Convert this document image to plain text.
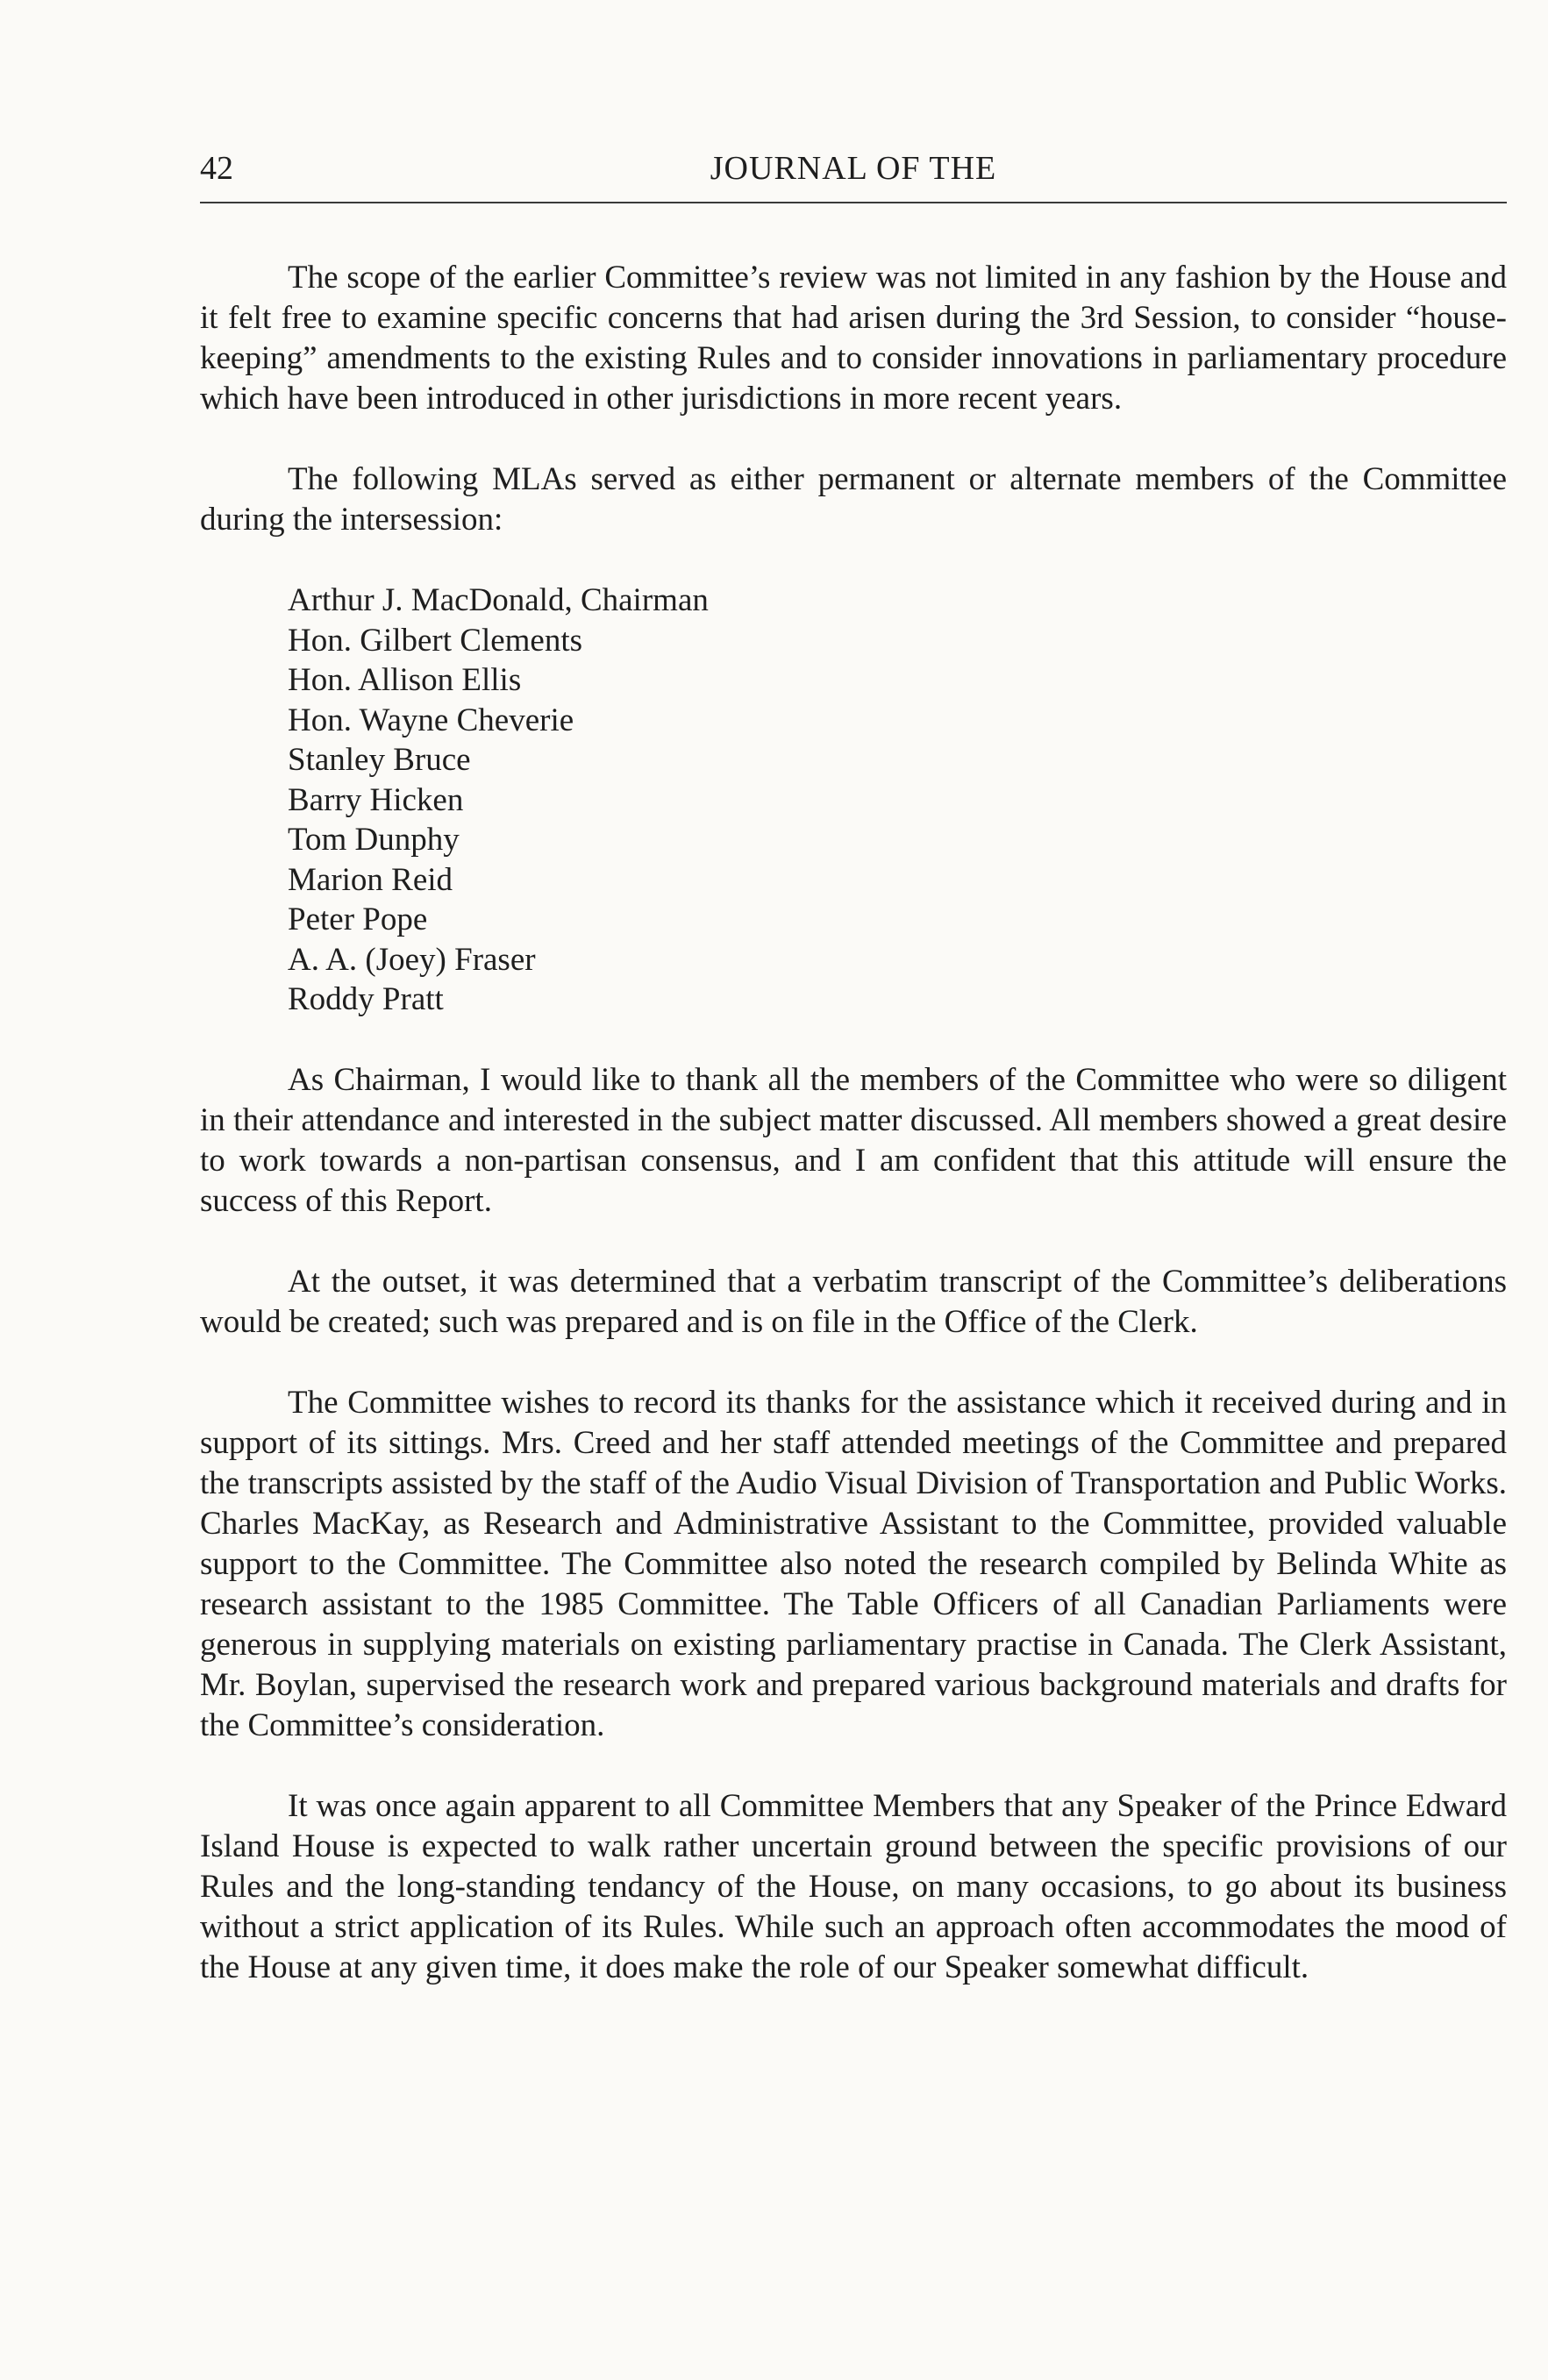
42	JOURNAL OF THE

The scope of the earlier Committee’s review was not limited in any fashion by the House and it felt free to examine specific concerns that had arisen during the 3rd Session, to consider “house-keeping” amendments to the existing Rules and to consider innovations in parliamentary procedure which have been introduced in other jurisdictions in more recent years.

The following MLAs served as either permanent or alternate members of the Committee during the intersession:

Arthur J. MacDonald, Chairman
Hon. Gilbert Clements
Hon. Allison Ellis
Hon. Wayne Cheverie
Stanley Bruce
Barry Hicken
Tom Dunphy
Marion Reid
Peter Pope
A. A. (Joey) Fraser
Roddy Pratt

As Chairman, I would like to thank all the members of the Committee who were so diligent in their attendance and interested in the subject matter discussed. All members showed a great desire to work towards a non-partisan consensus, and I am confident that this attitude will ensure the success of this Report.

At the outset, it was determined that a verbatim transcript of the Committee’s deliberations would be created; such was prepared and is on file in the Office of the Clerk.

The Committee wishes to record its thanks for the assistance which it received during and in support of its sittings. Mrs. Creed and her staff attended meetings of the Committee and prepared the transcripts assisted by the staff of the Audio Visual Division of Transportation and Public Works. Charles MacKay, as Research and Administrative Assistant to the Committee, provided valuable support to the Committee. The Committee also noted the research compiled by Belinda White as research assistant to the 1985 Committee. The Table Officers of all Canadian Parliaments were generous in supplying materials on existing parliamentary practise in Canada. The Clerk Assistant, Mr. Boylan, supervised the research work and prepared various background materials and drafts for the Committee’s consideration.

It was once again apparent to all Committee Members that any Speaker of the Prince Edward Island House is expected to walk rather uncertain ground between the specific provisions of our Rules and the long-standing tendancy of the House, on many occasions, to go about its business without a strict application of its Rules. While such an approach often accommodates the mood of the House at any given time, it does make the role of our Speaker somewhat difficult.
